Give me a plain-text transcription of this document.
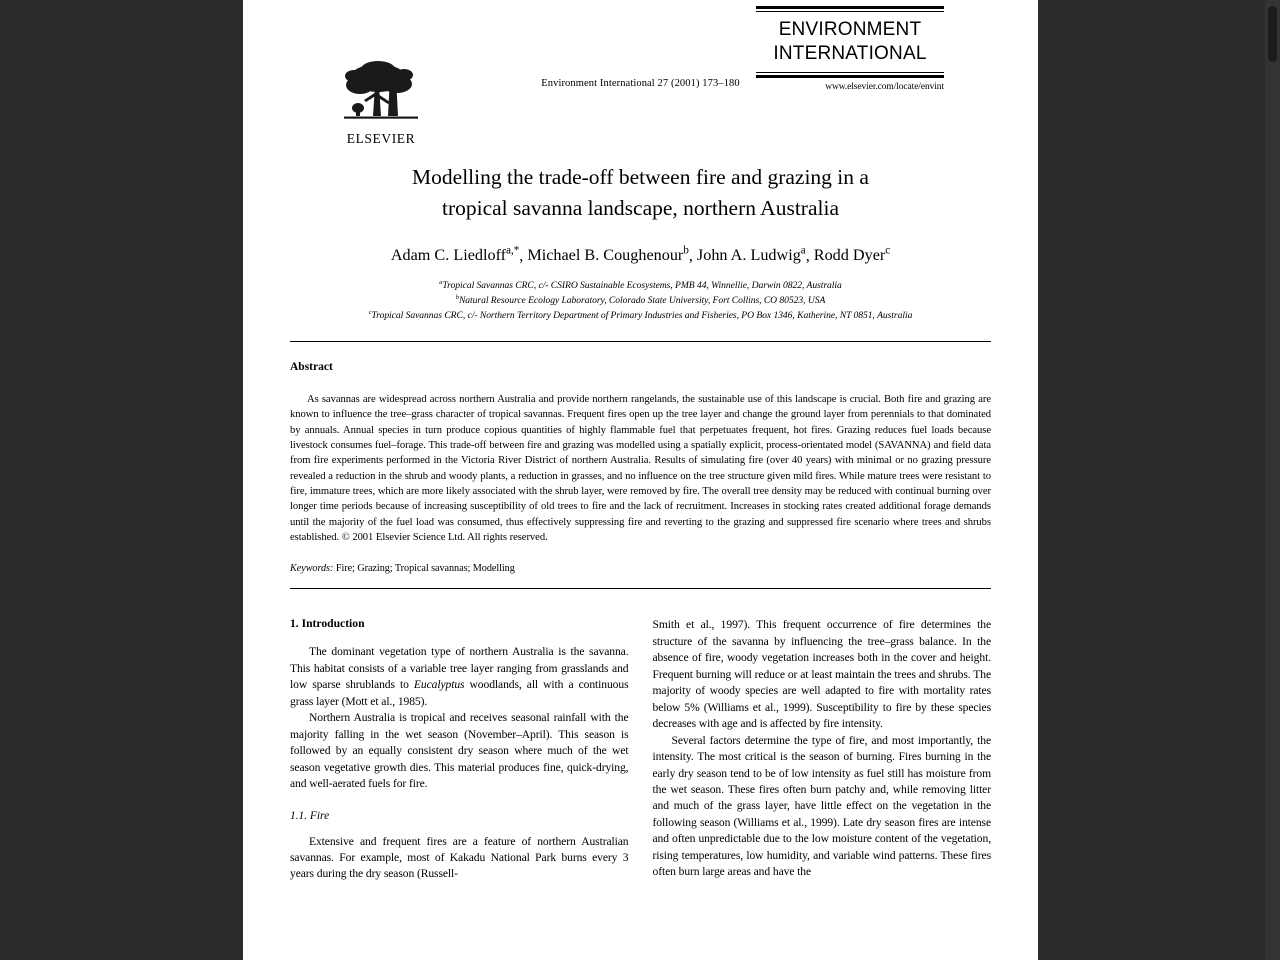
ELSEVIER
Environment International 27 (2001) 173–180
ENVIRONMENT
INTERNATIONAL
www.elsevier.com/locate/envint
Modelling the trade-off between fire and grazing in a
tropical savanna landscape, northern Australia
Adam C. Liedloff$^{a,*}$, Michael B. Coughenour$^b$, John A. Ludwig$^a$, Rodd Dyer$^c$
$^a$Tropical Savannas CRC, c/- CSIRO Sustainable Ecosystems, PMB 44, Winnellie, Darwin 0822, Australia
$^b$Natural Resource Ecology Laboratory, Colorado State University, Fort Collins, CO 80523, USA
$^c$Tropical Savannas CRC, c/- Northern Territory Department of Primary Industries and Fisheries, PO Box 1346, Katherine, NT 0851, Australia
Abstract
As savannas are widespread across northern Australia and provide northern rangelands, the sustainable use of this landscape is crucial. Both fire and grazing are known to influence the tree–grass character of tropical savannas. Frequent fires open up the tree layer and change the ground layer from perennials to that dominated by annuals. Annual species in turn produce copious quantities of highly flammable fuel that perpetuates frequent, hot fires. Grazing reduces fuel loads because livestock consumes fuel–forage. This trade-off between fire and grazing was modelled using a spatially explicit, process-orientated model (SAVANNA) and field data from fire experiments performed in the Victoria River District of northern Australia. Results of simulating fire (over 40 years) with minimal or no grazing pressure revealed a reduction in the shrub and woody plants, a reduction in grasses, and no influence on the tree structure given mild fires. While mature trees were resistant to fire, immature trees, which are more likely associated with the shrub layer, were removed by fire. The overall tree density may be reduced with continual burning over longer time periods because of increasing susceptibility of old trees to fire and the lack of recruitment. Increases in stocking rates created additional forage demands until the majority of the fuel load was consumed, thus effectively suppressing fire and reverting to the grazing and suppressed fire scenario where trees and shrubs established. © 2001 Elsevier Science Ltd. All rights reserved.
Keywords: Fire; Grazing; Tropical savannas; Modelling
1. Introduction

The dominant vegetation type of northern Australia is the savanna. This habitat consists of a variable tree layer ranging from grasslands and low sparse shrublands to Eucalyptus woodlands, all with a continuous grass layer (Mott et al., 1985).

Northern Australia is tropical and receives seasonal rainfall with the majority falling in the wet season (November–April). This season is followed by an equally consistent dry season where much of the wet season vegetative growth dies. This material produces fine, quick-drying, and well-aerated fuels for fire.

1.1. Fire

Extensive and frequent fires are a feature of northern Australian savannas. For example, most of Kakadu National Park burns every 3 years during the dry season (Russell-

Smith et al., 1997). This frequent occurrence of fire determines the structure of the savanna by influencing the tree–grass balance. In the absence of fire, woody vegetation increases both in the cover and height. Frequent burning will reduce or at least maintain the trees and shrubs. The majority of woody species are well adapted to fire with mortality rates below 5% (Williams et al., 1999). Susceptibility to fire by these species decreases with age and is affected by fire intensity.

Several factors determine the type of fire, and most importantly, the intensity. The most critical is the season of burning. Fires burning in the early dry season tend to be of low intensity as fuel still has moisture from the wet season. These fires often burn patchy and, while removing litter and much of the grass layer, have little effect on the vegetation in the following season (Williams et al., 1999). Late dry season fires are intense and often unpredictable due to the low moisture content of the vegetation, rising temperatures, low humidity, and variable wind patterns. These fires often burn large areas and have the
